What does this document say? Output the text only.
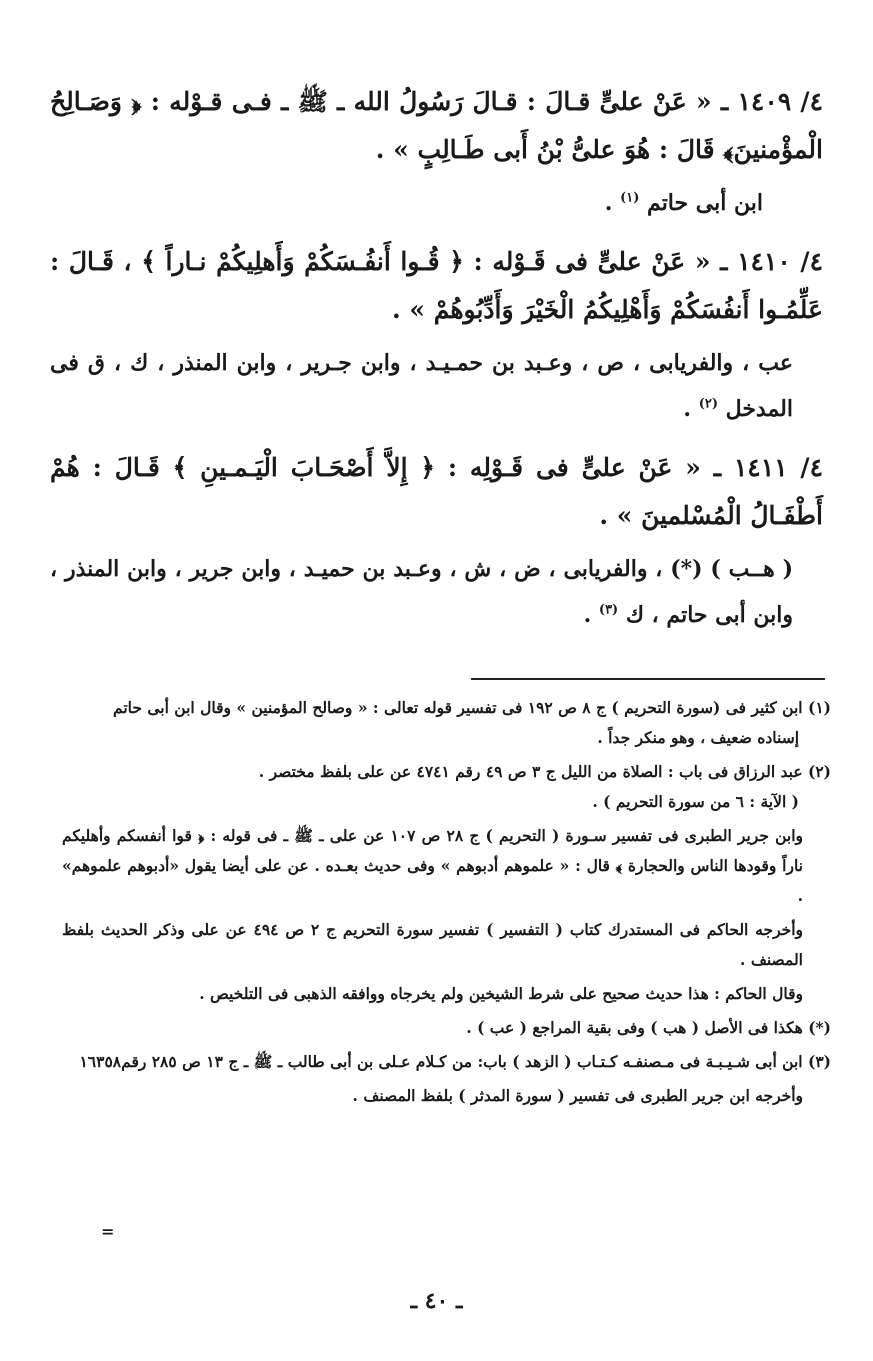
٤/ ١٤٠٩ ـ « عَنْ علىٍّ قـالَ : قـالَ رَسُولُ الله ـ ﷺ ـ فـى قـوْله : ﴿ وَصَـالِحُ الْمؤْمنينَ﴾ قَالَ : هُوَ علىُّ بْنُ أَبى طَـالِبٍ » .

ابن أبى حاتم $^{(١)}$ .

٤/ ١٤١٠ ـ « عَنْ علىٍّ فى قَـوْله : ﴿ قُـوا أَنفُـسَكُمْ وَأَهلِيكُمْ نـاراً ﴾ ، قَـالَ : عَلِّمُـوا أَنفُسَكُمْ وَأَهْلِيكُمُ الْخَيْرَ وَأَدِّبُوهُمْ » .

عب ، والفريابى ، ص ، وعـبد بن حمـيـد ، وابن جـرير ، وابن المنذر ، ك ، ق فى المدخل $^{(٢)}$ .

٤/ ١٤١١ ـ « عَنْ علىٍّ فى قَـوْلِه : ﴿ إِلاَّ أَصْحَـابَ الْيَـمـينِ ﴾ قَـالَ : هُمْ أَطْفَـالُ الْمُسْلمينَ » .

( هــب ) (*) ، والفريابى ، ض ، ش ، وعـبد بن حميـد ، وابن جرير ، وابن المنذر ، وابن أبى حاتم ، ك $^{(٣)}$ .

(١) ابن كثير فى (سورة التحريم ) ج ٨ ص ١٩٢ فى تفسير قوله تعالى : « وصالح المؤمنين » وقال ابن أبى حاتم
إسناده ضعيف ، وهو منكر جداً .

(٢) عبد الرزاق فى باب : الصلاة من الليل ج ٣ ص ٤٩ رقم ٤٧٤١ عن على بلفظ مختصر .
( الآية : ٦ من سورة التحريم ) .

وابن جرير الطبرى فى تفسير سـورة ( التحريم ) ج ٢٨ ص ١٠٧ عن على ـ ﷺ ـ فى قوله : ﴿ قوا أنفسكم وأهليكم ناراً وقودها الناس والحجارة ﴾ قال : « علموهم أدبوهم » وفى حديث بعـده . عن على أيضا يقول «أدبوهم علموهم» .

وأخرجه الحاكم فى المستدرك كتاب ( التفسير ) تفسير سورة التحريم ج ٢ ص ٤٩٤ عن على وذكر الحديث بلفظ المصنف .

وقال الحاكم : هذا حديث صحيح على شرط الشيخين ولم يخرجاه ووافقه الذهبى فى التلخيص .

(*) هكذا فى الأصل ( هب ) وفى بقية المراجع ( عب ) .

(٣) ابن أبى شـيـبـة فى مـصنفـه كـتـاب ( الزهد ) باب: من كـلام عـلى بن أبى طالب ـ ﷺ ـ ج ١٣ ص ٢٨٥ رقم١٦٣٥٨

وأخرجه ابن جرير الطبرى فى تفسير ( سورة المدثر ) بلفظ المصنف .

=
ـ ٤٠ ـ
